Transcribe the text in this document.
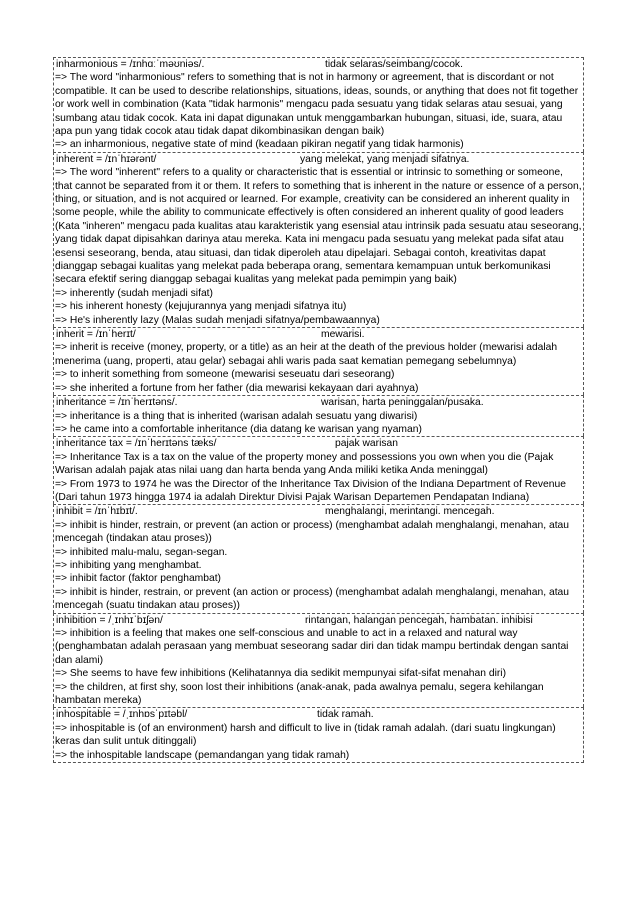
inharmonious = /ɪnhɑːˈməʊniəs/.	tidak selaras/seimbang/cocok.

=> The word "inharmonious" refers to something that is not in harmony or agreement, that is discordant or not compatible. It can be used to describe relationships, situations, ideas, sounds, or anything that does not fit together or work well in combination (Kata "tidak harmonis" mengacu pada sesuatu yang tidak selaras atau sesuai, yang sumbang atau tidak cocok. Kata ini dapat digunakan untuk menggambarkan hubungan, situasi, ide, suara, atau apa pun yang tidak cocok atau tidak dapat dikombinasikan dengan baik)

=> an inharmonious, negative state of mind (keadaan pikiran negatif yang tidak harmonis)

inherent = /ɪnˈhɪərənt/	yang melekat, yang menjadi sifatnya.

=> The word "inherent" refers to a quality or characteristic that is essential or intrinsic to something or someone, that cannot be separated from it or them. It refers to something that is inherent in the nature or essence of a person, thing, or situation, and is not acquired or learned. For example, creativity can be considered an inherent quality in some people, while the ability to communicate effectively is often considered an inherent quality of good leaders (Kata "inheren" mengacu pada kualitas atau karakteristik yang esensial atau intrinsik pada sesuatu atau seseorang, yang tidak dapat dipisahkan darinya atau mereka. Kata ini mengacu pada sesuatu yang melekat pada sifat atau esensi seseorang, benda, atau situasi, dan tidak diperoleh atau dipelajari. Sebagai contoh, kreativitas dapat dianggap sebagai kualitas yang melekat pada beberapa orang, sementara kemampuan untuk berkomunikasi secara efektif sering dianggap sebagai kualitas yang melekat pada pemimpin yang baik)

=> inherently (sudah menjadi sifat)

=> his inherent honesty (kejujurannya yang menjadi sifatnya itu)

=> He's inherently lazy (Malas sudah menjadi sifatnya/pembawaannya)

inherit = /ɪnˈherɪt/	mewarisi.

=> inherit is receive (money, property, or a title) as an heir at the death of the previous holder (mewarisi adalah menerima (uang, properti, atau gelar) sebagai ahli waris pada saat kematian pemegang sebelumnya)

=> to inherit something from someone (mewarisi seseuatu dari seseorang)

=> she inherited a fortune from her father (dia mewarisi kekayaan dari ayahnya)

inheritance = /ɪnˈherɪtəns/.	warisan, harta peninggalan/pusaka.

=> inheritance is a thing that is inherited (warisan adalah sesuatu yang diwarisi)

=> he came into a comfortable inheritance (dia datang ke warisan yang nyaman)

inheritance tax = /ɪnˈherɪtəns tæks/	pajak warisan

=> Inheritance Tax is a tax on the value of the property money and possessions you own when you die (Pajak Warisan adalah pajak atas nilai uang dan harta benda yang Anda miliki ketika Anda meninggal)

=> From 1973 to 1974 he was the Director of the Inheritance Tax Division of the Indiana Department of Revenue (Dari tahun 1973 hingga 1974 ia adalah Direktur Divisi Pajak Warisan Departemen Pendapatan Indiana)

inhibit = /ɪnˈhɪbɪt/.	menghalangi, merintangi. mencegah.

=> inhibit is hinder, restrain, or prevent (an action or process) (menghambat adalah menghalangi, menahan, atau mencegah (tindakan atau proses))

=> inhibited malu-malu, segan-segan.

=> inhibiting yang menghambat.

=> inhibit factor (faktor penghambat)

=> inhibit is hinder, restrain, or prevent (an action or process) (menghambat adalah menghalangi, menahan, atau mencegah (suatu tindakan atau proses))

inhibition = /ˌɪnhɪˈbɪʃən/	rintangan, halangan pencegah, hambatan. inhibisi

=> inhibition is a feeling that makes one self-conscious and unable to act in a relaxed and natural way (penghambatan adalah perasaan yang membuat seseorang sadar diri dan tidak mampu bertindak dengan santai dan alami)

=> She seems to have few inhibitions (Kelihatannya dia sedikit mempunyai sifat-sifat menahan diri)

=> the children, at first shy, soon lost their inhibitions (anak-anak, pada awalnya pemalu, segera kehilangan hambatan mereka)

inhospitable = /ˌɪnhɒsˈpɪtəbl/	tidak ramah.

=> inhospitable is (of an environment) harsh and difficult to live in (tidak ramah adalah. (dari suatu lingkungan) keras dan sulit untuk ditinggali)

=> the inhospitable landscape (pemandangan yang tidak ramah)
